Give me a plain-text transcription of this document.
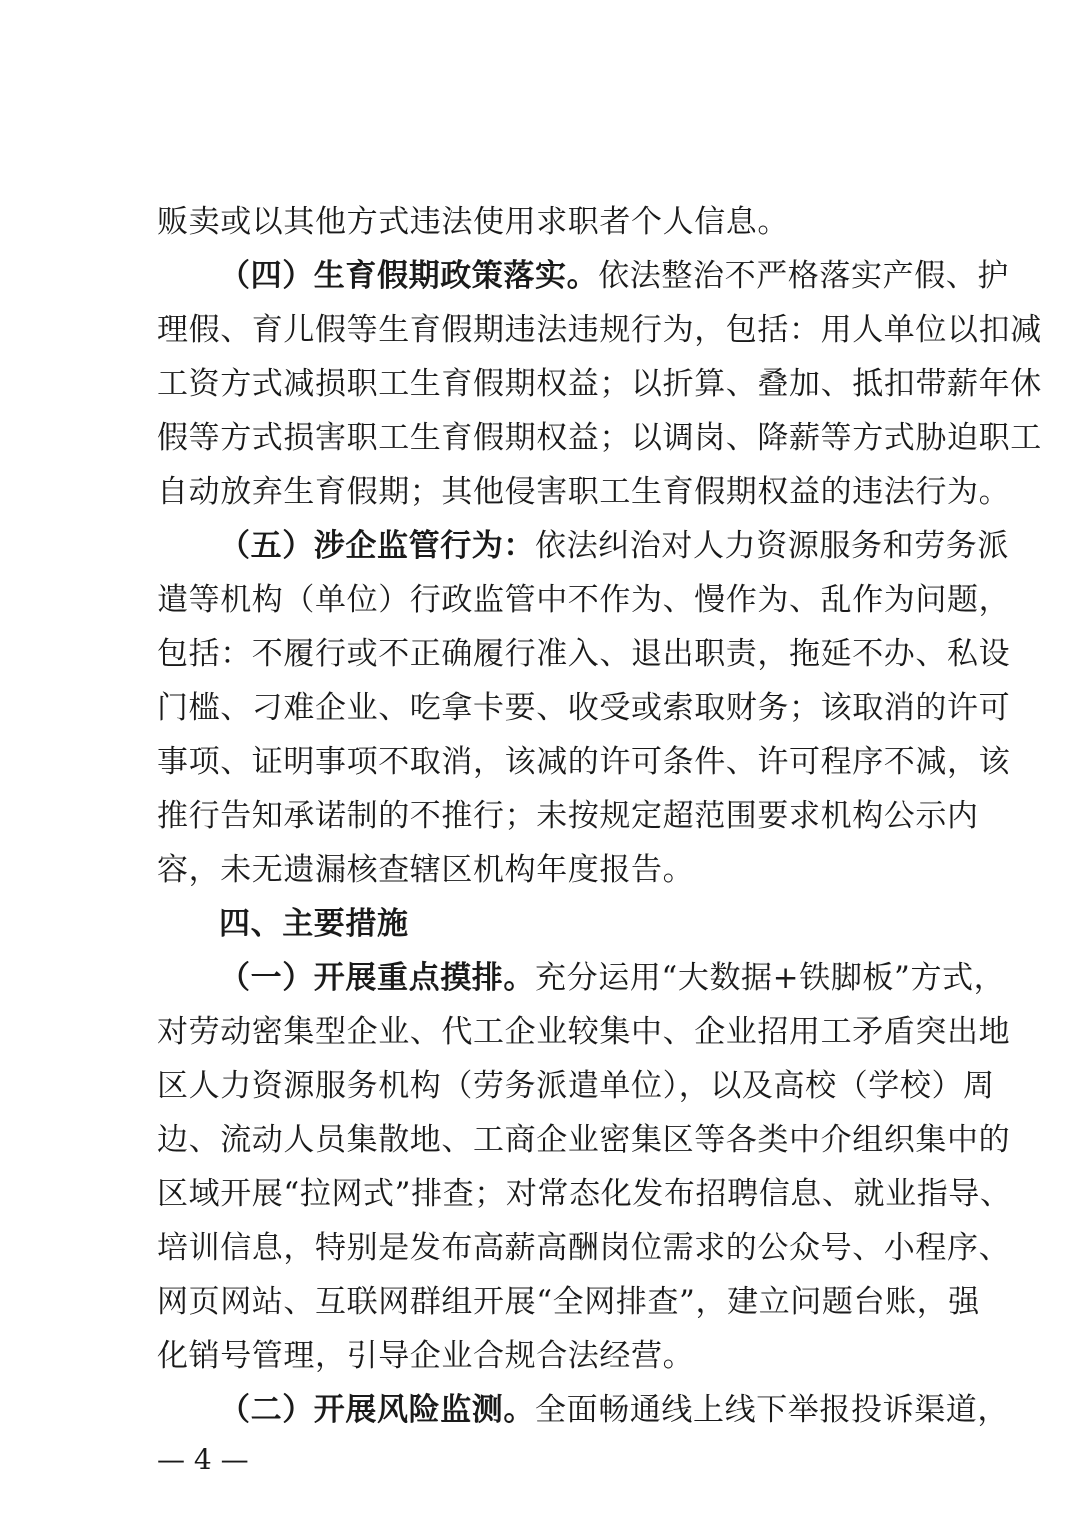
贩卖或以其他方式违法使用求职者个人信息。
（四）生育假期政策落实。依法整治不严格落实产假、护
理假、育儿假等生育假期违法违规行为，包括：用人单位以扣减
工资方式减损职工生育假期权益；以折算、叠加、抵扣带薪年休
假等方式损害职工生育假期权益；以调岗、降薪等方式胁迫职工
自动放弃生育假期；其他侵害职工生育假期权益的违法行为。
（五）涉企监管行为：依法纠治对人力资源服务和劳务派
遣等机构（单位）行政监管中不作为、慢作为、乱作为问题，
包括：不履行或不正确履行准入、退出职责，拖延不办、私设
门槛、刁难企业、吃拿卡要、收受或索取财务；该取消的许可
事项、证明事项不取消，该减的许可条件、许可程序不减，该
推行告知承诺制的不推行；未按规定超范围要求机构公示内
容，未无遗漏核查辖区机构年度报告。
四、主要措施
（一）开展重点摸排。充分运用“大数据+铁脚板”方式，
对劳动密集型企业、代工企业较集中、企业招用工矛盾突出地
区人力资源服务机构（劳务派遣单位），以及高校（学校）周
边、流动人员集散地、工商企业密集区等各类中介组织集中的
区域开展“拉网式”排查；对常态化发布招聘信息、就业指导、
培训信息，特别是发布高薪高酬岗位需求的公众号、小程序、
网页网站、互联网群组开展“全网排查”，建立问题台账，强
化销号管理，引导企业合规合法经营。
（二）开展风险监测。全面畅通线上线下举报投诉渠道，
— 4 —
